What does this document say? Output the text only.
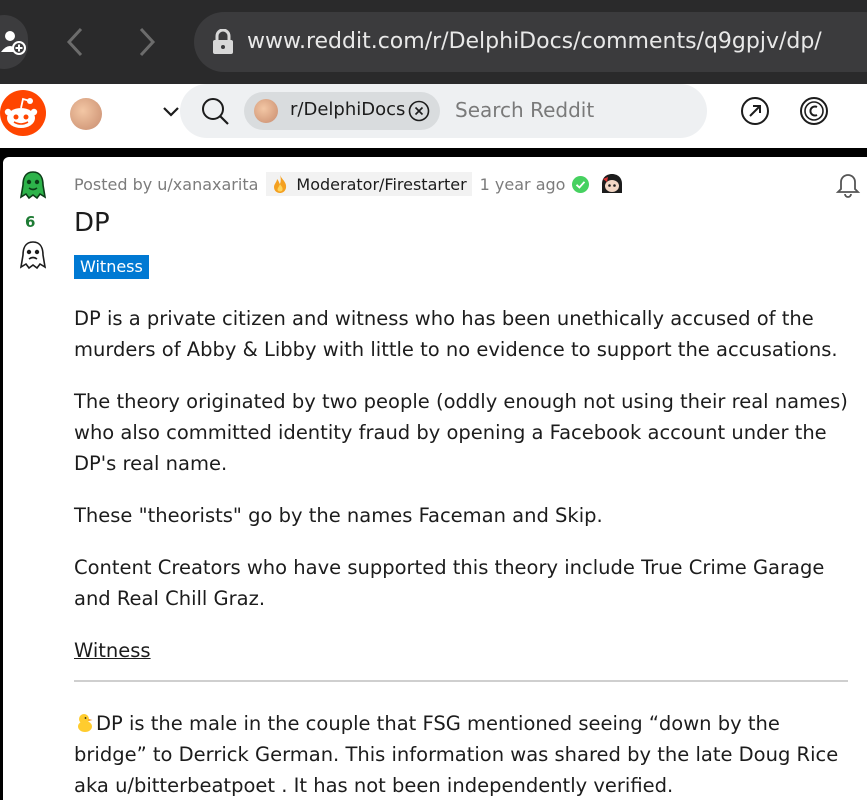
www.reddit.com/r/DelphiDocs/comments/q9gpjv/dp/
r/DelphiDocs Search Reddit
6
Posted by u/xanaxarita Moderator/Firestarter 1 year ago
DP
Witness

DP is a private citizen and witness who has been unethically accused of the murders of Abby & Libby with little to no evidence to support the accusations.

The theory originated by two people (oddly enough not using their real names) who also committed identity fraud by opening a Facebook account under the DP's real name.

These "theorists" go by the names Faceman and Skip.

Content Creators who have supported this theory include True Crime Garage and Real Chill Graz.

Witness

DP is the male in the couple that FSG mentioned seeing “down by the bridge” to Derrick German. This information was shared by the late Doug Rice aka u/bitterbeatpoet . It has not been independently verified.
